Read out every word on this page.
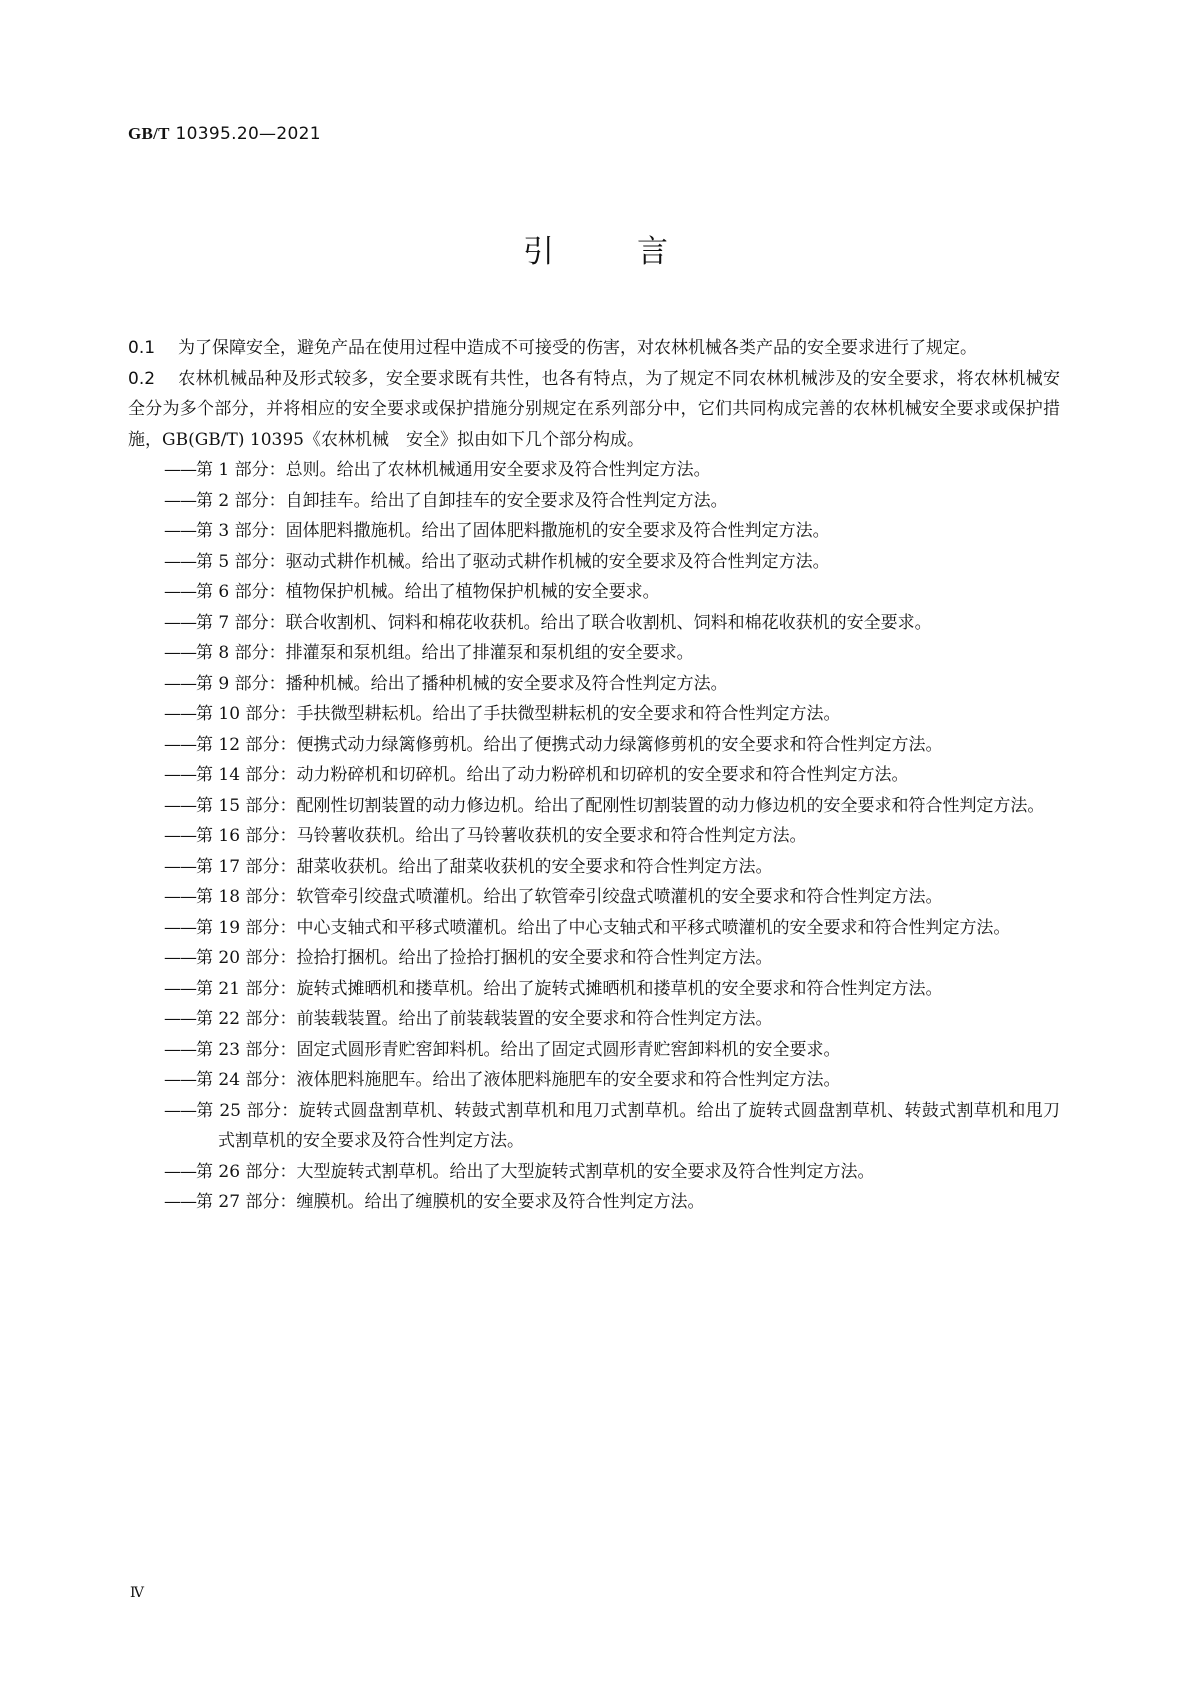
GB/T 10395.20—2021
引　言

0.1 为了保障安全，避免产品在使用过程中造成不可接受的伤害，对农林机械各类产品的安全要求进行了规定。

0.2 农林机械品种及形式较多，安全要求既有共性，也各有特点，为了规定不同农林机械涉及的安全要求，将农林机械安全分为多个部分，并将相应的安全要求或保护措施分别规定在系列部分中，它们共同构成完善的农林机械安全要求或保护措施，GB(GB/T) 10395《农林机械　安全》拟由如下几个部分构成。

——第 1 部分：总则。给出了农林机械通用安全要求及符合性判定方法。
——第 2 部分：自卸挂车。给出了自卸挂车的安全要求及符合性判定方法。
——第 3 部分：固体肥料撒施机。给出了固体肥料撒施机的安全要求及符合性判定方法。
——第 5 部分：驱动式耕作机械。给出了驱动式耕作机械的安全要求及符合性判定方法。
——第 6 部分：植物保护机械。给出了植物保护机械的安全要求。
——第 7 部分：联合收割机、饲料和棉花收获机。给出了联合收割机、饲料和棉花收获机的安全要求。
——第 8 部分：排灌泵和泵机组。给出了排灌泵和泵机组的安全要求。
——第 9 部分：播种机械。给出了播种机械的安全要求及符合性判定方法。
——第 10 部分：手扶微型耕耘机。给出了手扶微型耕耘机的安全要求和符合性判定方法。
——第 12 部分：便携式动力绿篱修剪机。给出了便携式动力绿篱修剪机的安全要求和符合性判定方法。
——第 14 部分：动力粉碎机和切碎机。给出了动力粉碎机和切碎机的安全要求和符合性判定方法。
——第 15 部分：配刚性切割装置的动力修边机。给出了配刚性切割装置的动力修边机的安全要求和符合性判定方法。
——第 16 部分：马铃薯收获机。给出了马铃薯收获机的安全要求和符合性判定方法。
——第 17 部分：甜菜收获机。给出了甜菜收获机的安全要求和符合性判定方法。
——第 18 部分：软管牵引绞盘式喷灌机。给出了软管牵引绞盘式喷灌机的安全要求和符合性判定方法。
——第 19 部分：中心支轴式和平移式喷灌机。给出了中心支轴式和平移式喷灌机的安全要求和符合性判定方法。
——第 20 部分：捡拾打捆机。给出了捡拾打捆机的安全要求和符合性判定方法。
——第 21 部分：旋转式摊晒机和搂草机。给出了旋转式摊晒机和搂草机的安全要求和符合性判定方法。
——第 22 部分：前装载装置。给出了前装载装置的安全要求和符合性判定方法。
——第 23 部分：固定式圆形青贮窖卸料机。给出了固定式圆形青贮窖卸料机的安全要求。
——第 24 部分：液体肥料施肥车。给出了液体肥料施肥车的安全要求和符合性判定方法。
——第 25 部分：旋转式圆盘割草机、转鼓式割草机和甩刀式割草机。给出了旋转式圆盘割草机、转鼓式割草机和甩刀式割草机的安全要求及符合性判定方法。
——第 26 部分：大型旋转式割草机。给出了大型旋转式割草机的安全要求及符合性判定方法。
——第 27 部分：缠膜机。给出了缠膜机的安全要求及符合性判定方法。
Ⅳ
